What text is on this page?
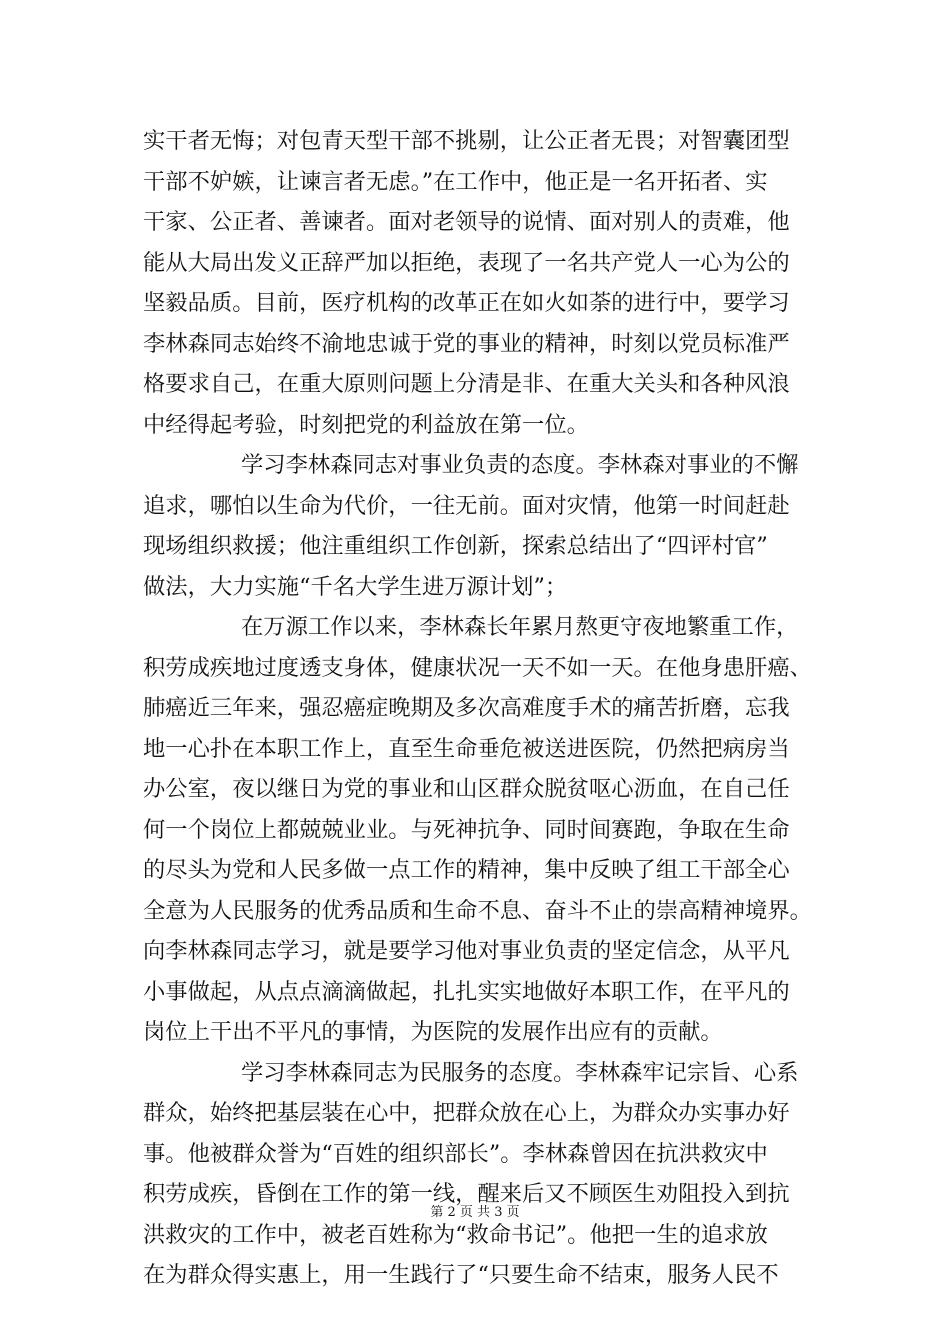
实干者无悔；对包青天型干部不挑剔，让公正者无畏；对智囊团型
干部不妒嫉，让谏言者无虑。”在工作中，他正是一名开拓者、实
干家、公正者、善谏者。面对老领导的说情、面对别人的责难，他
能从大局出发义正辞严加以拒绝，表现了一名共产党人一心为公的
坚毅品质。目前，医疗机构的改革正在如火如荼的进行中，要学习
李林森同志始终不渝地忠诚于党的事业的精神，时刻以党员标准严
格要求自己，在重大原则问题上分清是非、在重大关头和各种风浪
中经得起考验，时刻把党的利益放在第一位。
学习李林森同志对事业负责的态度。李林森对事业的不懈
追求，哪怕以生命为代价，一往无前。面对灾情，他第一时间赶赴
现场组织救援；他注重组织工作创新，探索总结出了“四评村官”
做法，大力实施“千名大学生进万源计划”；
在万源工作以来，李林森长年累月熬更守夜地繁重工作，
积劳成疾地过度透支身体，健康状况一天不如一天。在他身患肝癌、
肺癌近三年来，强忍癌症晚期及多次高难度手术的痛苦折磨，忘我
地一心扑在本职工作上，直至生命垂危被送进医院，仍然把病房当
办公室，夜以继日为党的事业和山区群众脱贫呕心沥血，在自己任
何一个岗位上都兢兢业业。与死神抗争、同时间赛跑，争取在生命
的尽头为党和人民多做一点工作的精神，集中反映了组工干部全心
全意为人民服务的优秀品质和生命不息、奋斗不止的崇高精神境界。
向李林森同志学习，就是要学习他对事业负责的坚定信念，从平凡
小事做起，从点点滴滴做起，扎扎实实地做好本职工作，在平凡的
岗位上干出不平凡的事情，为医院的发展作出应有的贡献。
学习李林森同志为民服务的态度。李林森牢记宗旨、心系
群众，始终把基层装在心中，把群众放在心上，为群众办实事办好
事。他被群众誉为“百姓的组织部长”。李林森曾因在抗洪救灾中
积劳成疾，昏倒在工作的第一线，醒来后又不顾医生劝阻投入到抗
洪救灾的工作中，被老百姓称为“救命书记”。他把一生的追求放
在为群众得实惠上，用一生践行了“只要生命不结束，服务人民不
第 2 页 共 3 页
